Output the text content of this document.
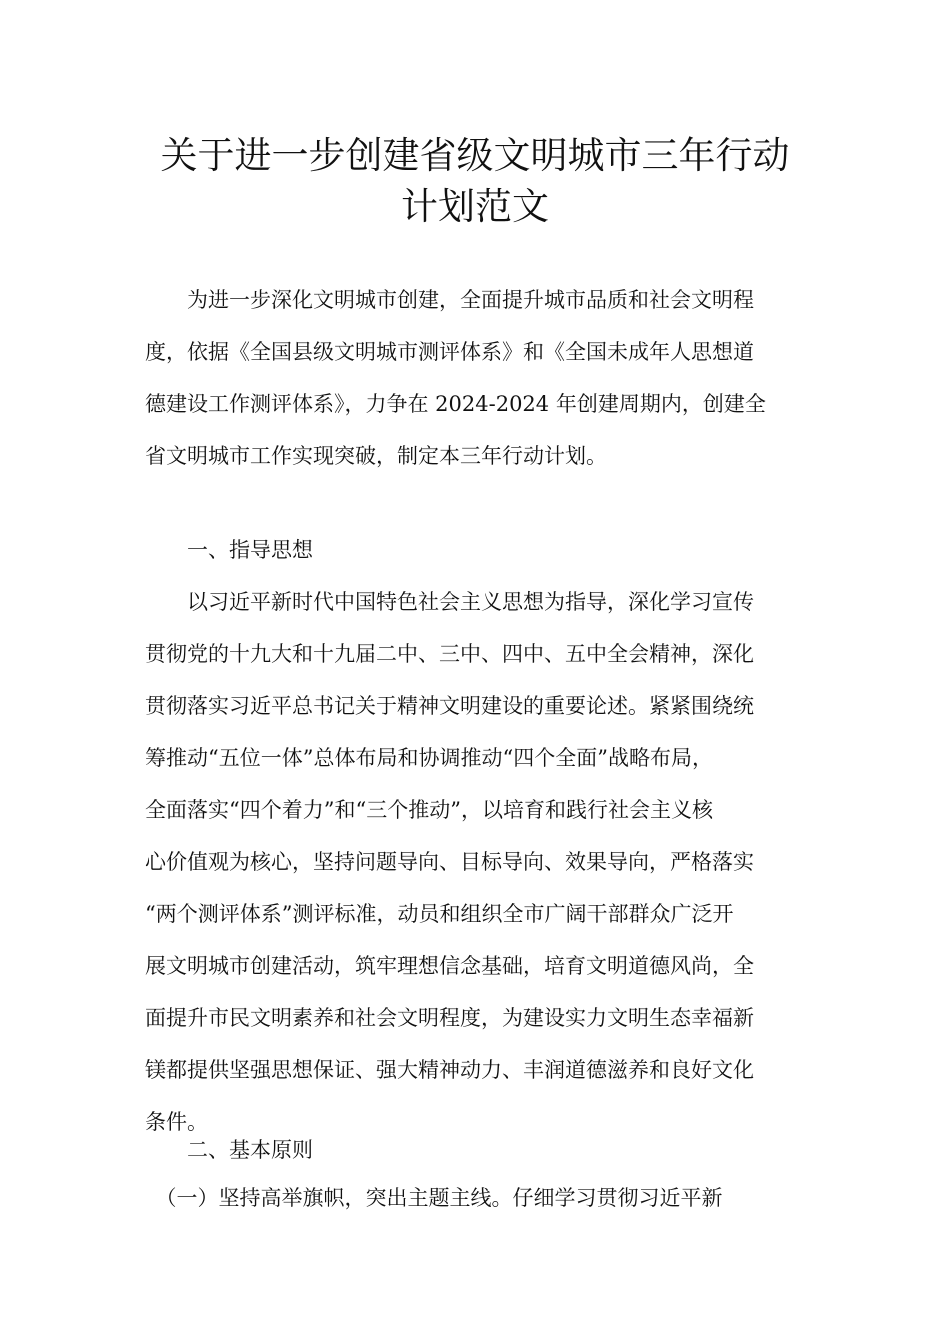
关于进一步创建省级文明城市三年行动
计划范文
　　为进一步深化文明城市创建，全面提升城市品质和社会文明程
度，依据《全国县级文明城市测评体系》和《全国未成年人思想道
德建设工作测评体系》，力争在 2024-2024 年创建周期内，创建全
省文明城市工作实现突破，制定本三年行动计划。
　　一、指导思想
　　以习近平新时代中国特色社会主义思想为指导，深化学习宣传
贯彻党的十九大和十九届二中、三中、四中、五中全会精神，深化
贯彻落实习近平总书记关于精神文明建设的重要论述。紧紧围绕统
筹推动“五位一体”总体布局和协调推动“四个全面”战略布局，
全面落实“四个着力”和“三个推动”，以培育和践行社会主义核
心价值观为核心，坚持问题导向、目标导向、效果导向，严格落实
“两个测评体系”测评标准，动员和组织全市广阔干部群众广泛开
展文明城市创建活动，筑牢理想信念基础，培育文明道德风尚，全
面提升市民文明素养和社会文明程度，为建设实力文明生态幸福新
镁都提供坚强思想保证、强大精神动力、丰润道德滋养和良好文化
条件。
　　二、基本原则
　（一）坚持高举旗帜，突出主题主线。仔细学习贯彻习近平新
